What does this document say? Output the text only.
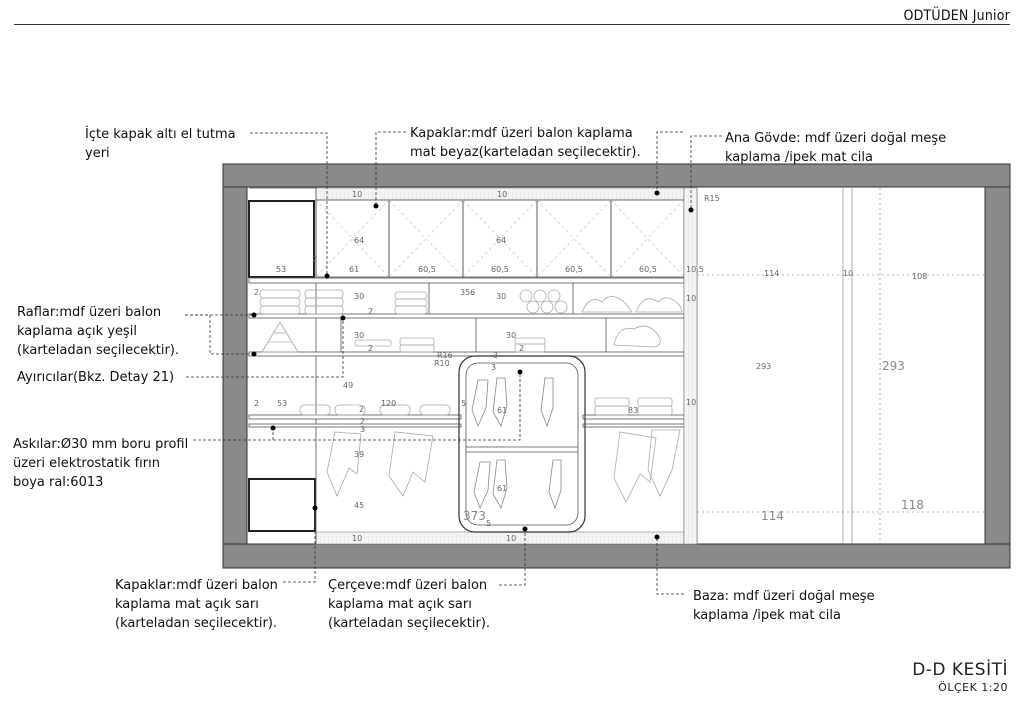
ODTÜDEN Junior
10	10	R15
64	64
53
2
61	60,5	60,5	60,5	60,5	10,5	114	10	108
2	30	356	30
2
10
30
2
30
2
R16
R10
3
3	293
49
2 53
2
120
2
5
61	83
10
3
39
61
45
5
10	10
293
373	114
118
İçte kapak altı el tutma
yeri
Kapaklar:mdf üzeri balon kaplama
mat beyaz(karteladan seçilecektir).
Ana Gövde: mdf üzeri doğal meşe
kaplama /ipek mat cila
Raflar:mdf üzeri balon
kaplama açık yeşil
(karteladan seçilecektir).
Ayırıcılar(Bkz. Detay 21)
Askılar:Ø30 mm boru profil
üzeri elektrostatik fırın
boya ral:6013
Kapaklar:mdf üzeri balon
kaplama mat açık sarı
(karteladan seçilecektir).
Çerçeve:mdf üzeri balon
kaplama mat açık sarı
(karteladan seçilecektir).
Baza: mdf üzeri doğal meşe
kaplama /ipek mat cila
D-D KESİTİ
ÖLÇEK 1:20
